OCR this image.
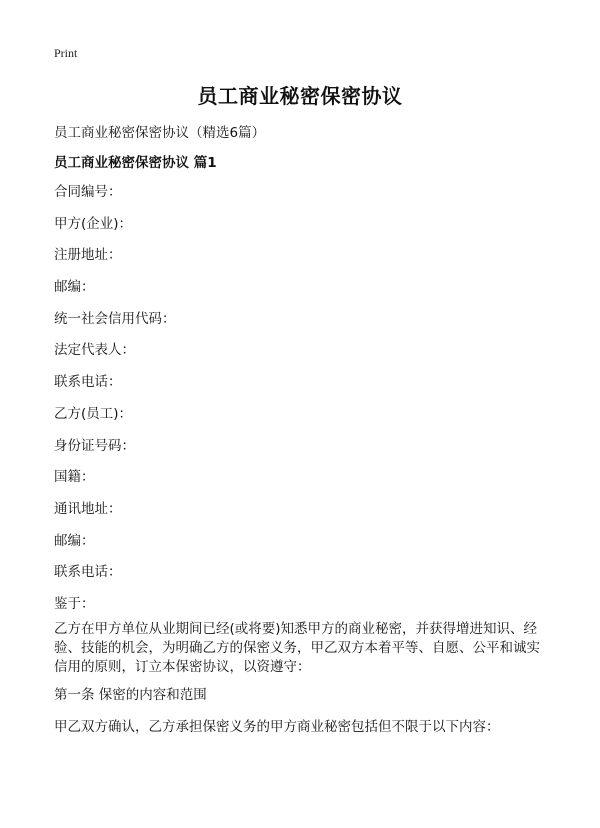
Print
员工商业秘密保密协议
员工商业秘密保密协议（精选6篇）
员工商业秘密保密协议 篇1
合同编号：
甲方(企业)：
注册地址：
邮编：
统一社会信用代码：
法定代表人：
联系电话：
乙方(员工)：
身份证号码：
国籍：
通讯地址：
邮编：
联系电话：
鉴于：

乙方在甲方单位从业期间已经(或将要)知悉甲方的商业秘密，并获得增进知识、经验、技能的机会，为明确乙方的保密义务，甲乙双方本着平等、自愿、公平和诚实信用的原则，订立本保密协议，以资遵守：

第一条 保密的内容和范围

甲乙双方确认，乙方承担保密义务的甲方商业秘密包括但不限于以下内容：
